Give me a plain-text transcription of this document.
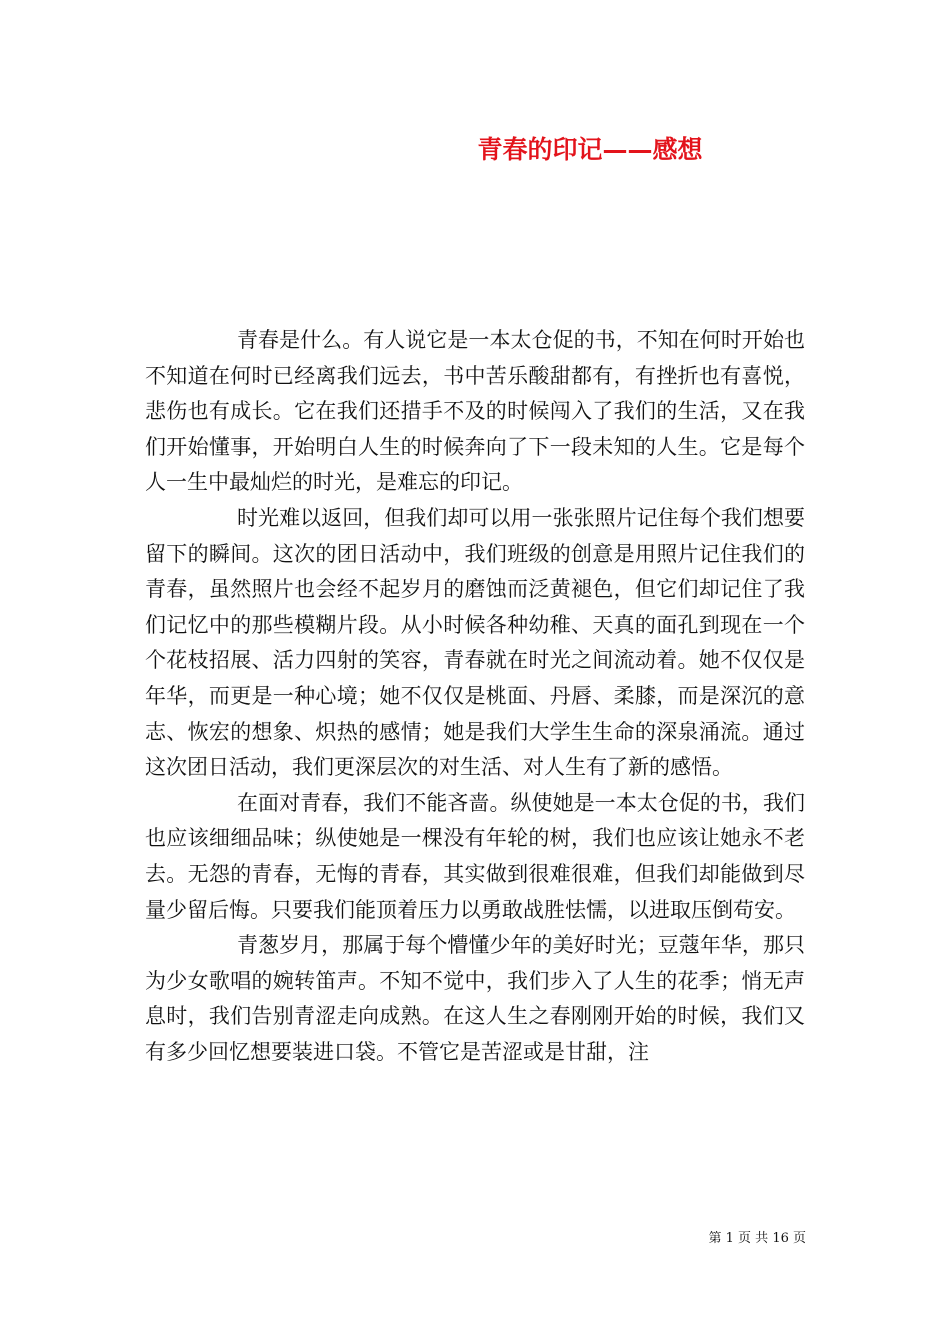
青春的印记——感想

青春是什么。有人说它是一本太仓促的书，不知在何时开始也不知道在何时已经离我们远去，书中苦乐酸甜都有，有挫折也有喜悦，悲伤也有成长。它在我们还措手不及的时候闯入了我们的生活，又在我们开始懂事，开始明白人生的时候奔向了下一段未知的人生。它是每个人一生中最灿烂的时光，是难忘的印记。

时光难以返回，但我们却可以用一张张照片记住每个我们想要留下的瞬间。这次的团日活动中，我们班级的创意是用照片记住我们的青春，虽然照片也会经不起岁月的磨蚀而泛黄褪色，但它们却记住了我们记忆中的那些模糊片段。从小时候各种幼稚、天真的面孔到现在一个个花枝招展、活力四射的笑容，青春就在时光之间流动着。她不仅仅是年华，而更是一种心境；她不仅仅是桃面、丹唇、柔膝，而是深沉的意志、恢宏的想象、炽热的感情；她是我们大学生生命的深泉涌流。通过这次团日活动，我们更深层次的对生活、对人生有了新的感悟。

在面对青春，我们不能吝啬。纵使她是一本太仓促的书，我们也应该细细品味；纵使她是一棵没有年轮的树，我们也应该让她永不老去。无怨的青春，无悔的青春，其实做到很难很难，但我们却能做到尽量少留后悔。只要我们能顶着压力以勇敢战胜怯懦，以进取压倒苟安。

青葱岁月，那属于每个懵懂少年的美好时光；豆蔻年华，那只为少女歌唱的婉转笛声。不知不觉中，我们步入了人生的花季；悄无声息时，我们告别青涩走向成熟。在这人生之春刚刚开始的时候，我们又有多少回忆想要装进口袋。不管它是苦涩或是甘甜，注

第 1 页 共 16 页
